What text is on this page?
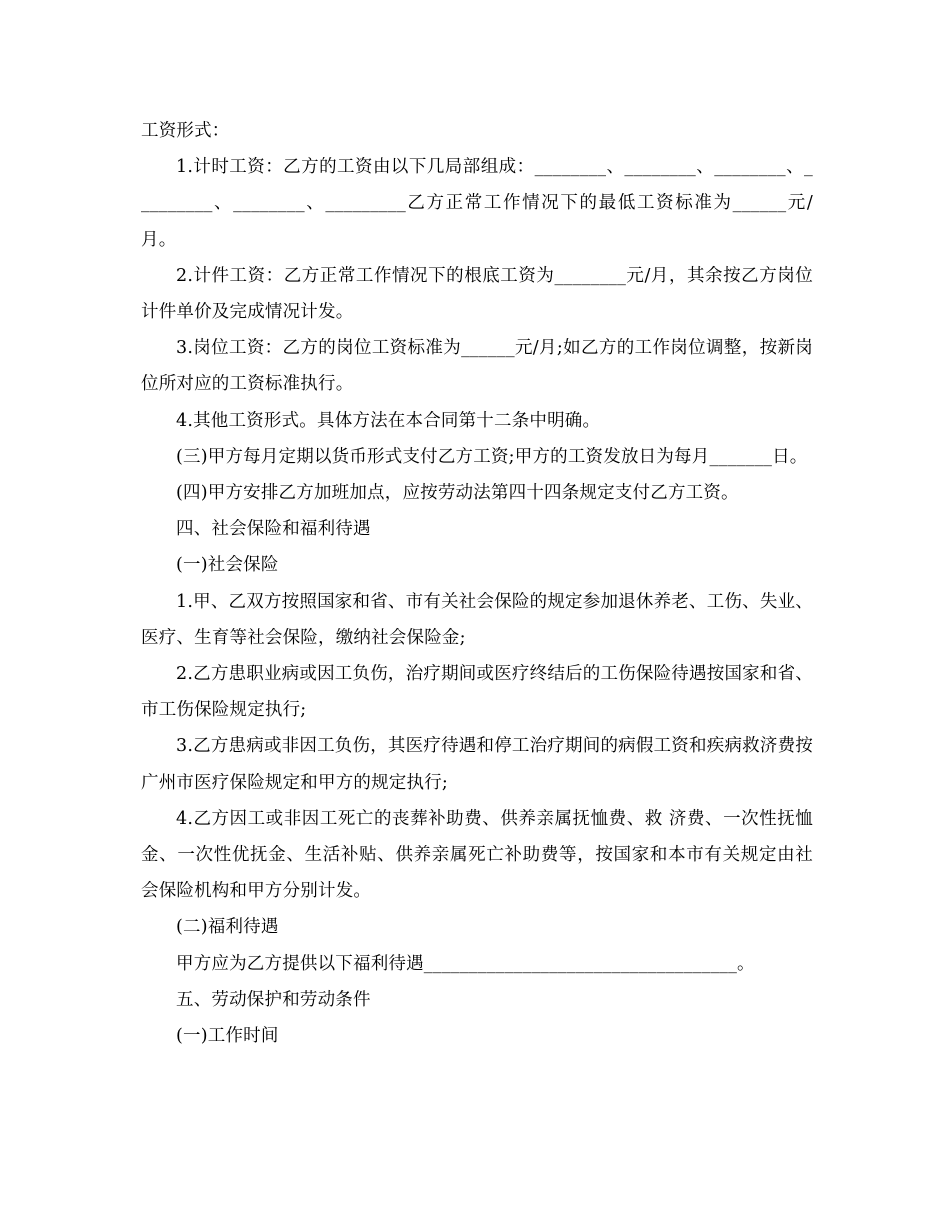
工资形式：

1.计时工资：乙方的工资由以下几局部组成：________、________、________、_________、________、_________乙方正常工作情况下的最低工资标准为______元/月。

2.计件工资：乙方正常工作情况下的根底工资为________元/月，其余按乙方岗位计件单价及完成情况计发。

3.岗位工资：乙方的岗位工资标准为______元/月;如乙方的工作岗位调整，按新岗位所对应的工资标准执行。

4.其他工资形式。具体方法在本合同第十二条中明确。

(三)甲方每月定期以货币形式支付乙方工资;甲方的工资发放日为每月_______日。

(四)甲方安排乙方加班加点，应按劳动法第四十四条规定支付乙方工资。

四、社会保险和福利待遇

(一)社会保险

1.甲、乙双方按照国家和省、市有关社会保险的规定参加退休养老、工伤、失业、医疗、生育等社会保险，缴纳社会保险金;

2.乙方患职业病或因工负伤，治疗期间或医疗终结后的工伤保险待遇按国家和省、市工伤保险规定执行;

3.乙方患病或非因工负伤，其医疗待遇和停工治疗期间的病假工资和疾病救济费按广州市医疗保险规定和甲方的规定执行;

4.乙方因工或非因工死亡的丧葬补助费、供养亲属抚恤费、救 济费、一次性抚恤金、一次性优抚金、生活补贴、供养亲属死亡补助费等，按国家和本市有关规定由社会保险机构和甲方分别计发。

(二)福利待遇

甲方应为乙方提供以下福利待遇___________________________________。

五、劳动保护和劳动条件

(一)工作时间
